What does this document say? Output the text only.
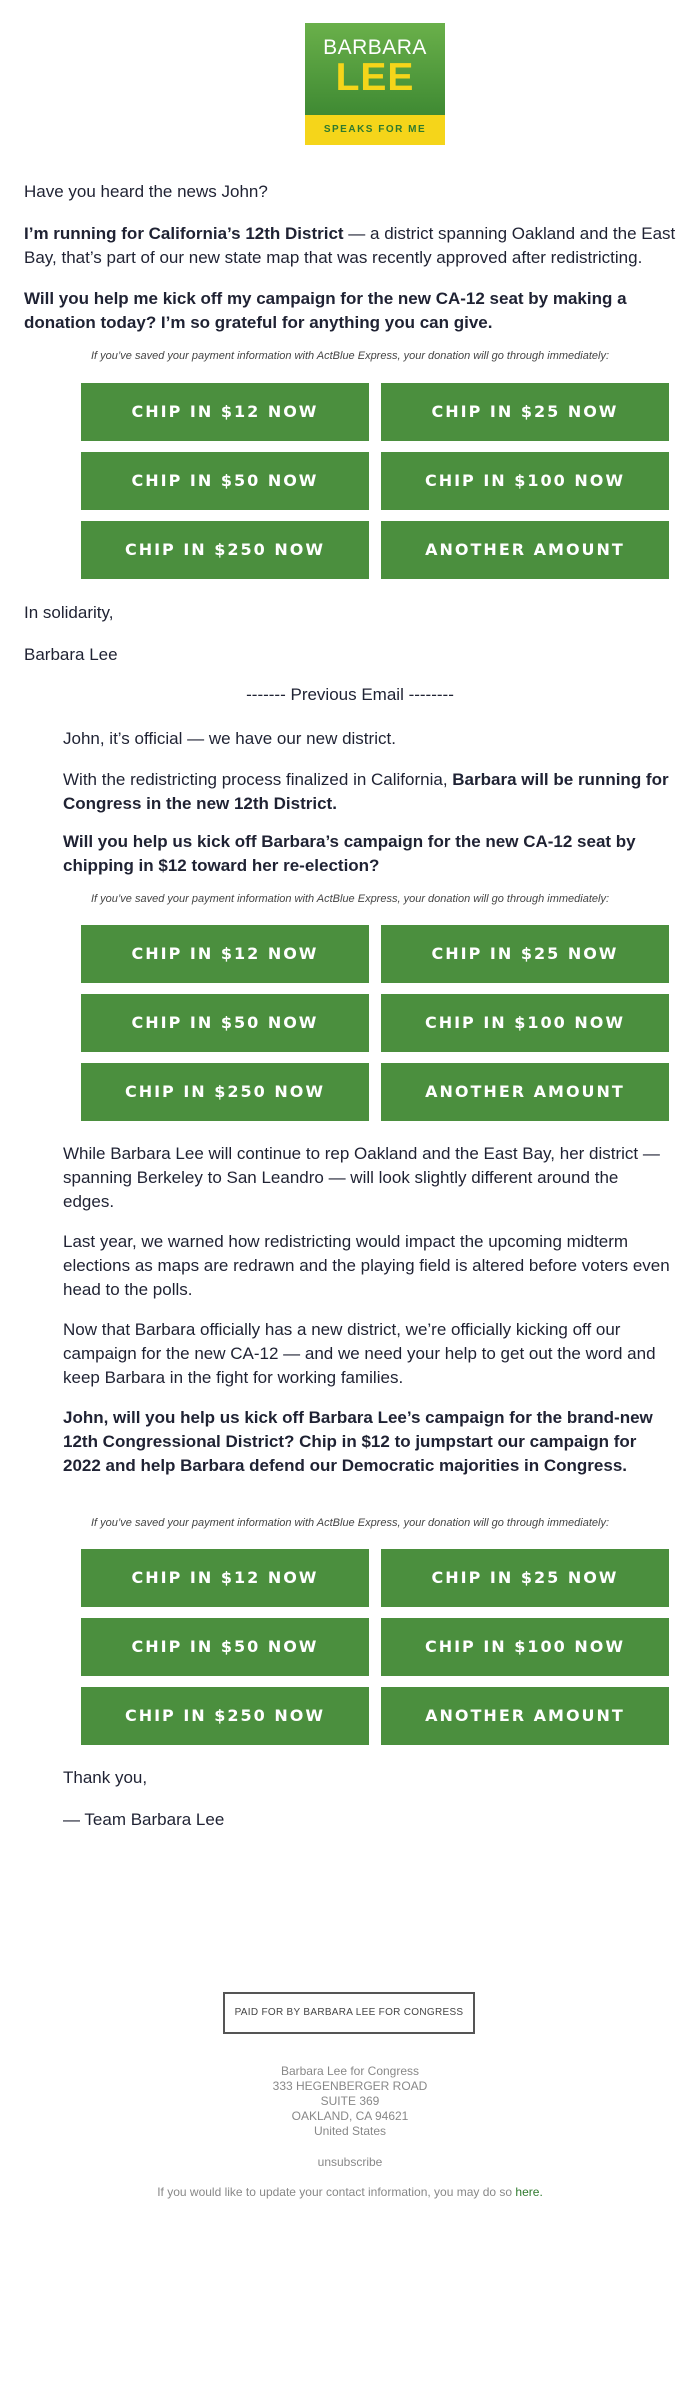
BARBARA
LEE
SPEAKS FOR ME

Have you heard the news John?

I’m running for California’s 12th District — a district spanning Oakland and the East Bay, that’s part of our new state map that was recently approved after redistricting.

Will you help me kick off my campaign for the new CA-12 seat by making a donation today? I’m so grateful for anything you can give.

If you’ve saved your payment information with ActBlue Express, your donation will go through immediately:
CHIP IN $12 NOW	CHIP IN $25 NOW
CHIP IN $50 NOW	CHIP IN $100 NOW
CHIP IN $250 NOW	ANOTHER AMOUNT

In solidarity,

Barbara Lee

------- Previous Email --------

John, it’s official — we have our new district.

With the redistricting process finalized in California, Barbara will be running for Congress in the new 12th District.

Will you help us kick off Barbara’s campaign for the new CA-12 seat by chipping in $12 toward her re-election?

If you’ve saved your payment information with ActBlue Express, your donation will go through immediately:
CHIP IN $12 NOW	CHIP IN $25 NOW
CHIP IN $50 NOW	CHIP IN $100 NOW
CHIP IN $250 NOW	ANOTHER AMOUNT

While Barbara Lee will continue to rep Oakland and the East Bay, her district — spanning Berkeley to San Leandro — will look slightly different around the edges.

Last year, we warned how redistricting would impact the upcoming midterm elections as maps are redrawn and the playing field is altered before voters even head to the polls.

Now that Barbara officially has a new district, we’re officially kicking off our campaign for the new CA-12 — and we need your help to get out the word and keep Barbara in the fight for working families.

John, will you help us kick off Barbara Lee’s campaign for the brand-new 12th Congressional District? Chip in $12 to jumpstart our campaign for 2022 and help Barbara defend our Democratic majorities in Congress.

If you’ve saved your payment information with ActBlue Express, your donation will go through immediately:
CHIP IN $12 NOW	CHIP IN $25 NOW
CHIP IN $50 NOW	CHIP IN $100 NOW
CHIP IN $250 NOW	ANOTHER AMOUNT

Thank you,

— Team Barbara Lee

PAID FOR BY BARBARA LEE FOR CONGRESS
Barbara Lee for Congress
333 HEGENBERGER ROAD
SUITE 369
OAKLAND, CA 94621
United States
unsubscribe
If you would like to update your contact information, you may do so here.
